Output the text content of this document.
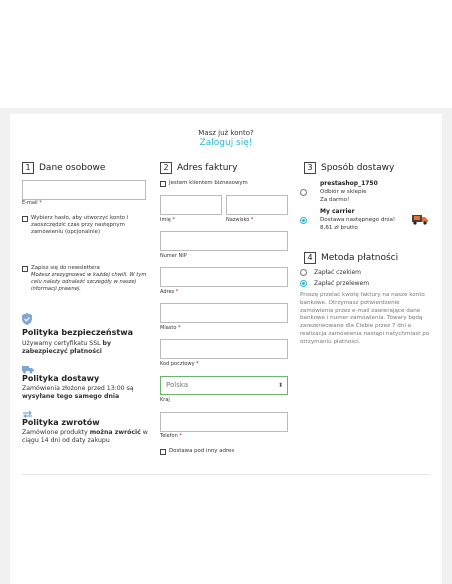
Masz już konto?
Zaloguj się!
1 Dane osobowe
E-mail *
Wybierz hasło, aby utworzyć konto i zaoszczędzić czas przy następnym zamówieniu (opcjonalnie)
Zapisz się do newslettera
Możesz zrezygnować w każdej chwili. W tym celu należy odnaleźć szczegóły w naszej informacji prawnej.
Polityka bezpieczeństwa
Używamy certyfikatu SSL by zabezpieczyć płatności
Polityka dostawy
Zamówienia złożone przed 13:00 są wysyłane tego samego dnia
Polityka zwrotów
Zamówione produkty można zwrócić w ciągu 14 dni od daty zakupu
2 Adres faktury
Jestem klientem biznesowym
Imię *	Nazwisko *
Numer NIP
Adres *
Miasto *
Kod pocztowy *
Polska	⬍
Kraj
Telefon *
Dostawa pod inny adres
3 Sposób dostawy
prestashop_1750
Odbiór w sklepie
Za darmo!
My carrier
Dostawa następnego dnia!
8,61 zł brutto
4 Metoda płatności
Zapłać czekiem
Zapłać przelewem
Proszę przelać kwotę faktury na nasze konto bankowe. Otrzymasz potwierdzenie zamówienia przez e-mail zawierające dane bankowe i numer zamówienia. Towary będą zarezerwowane dla Ciebie przez 7 dni a realizacja zamówienia nastąpi natychmiast po otrzymaniu płatności.
